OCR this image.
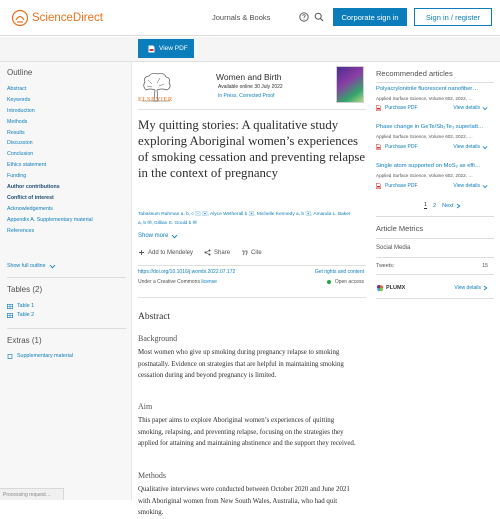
ScienceDirect	Journals & Books	Corporate sign in	Sign in / register
View PDF
Outline
Abstract
Keywords
Introduction
Methods
Results
Discussion
Conclusion
Ethics statement
Funding
Author contributions
Conflict of interest
Acknowledgements
Appendix A. Supplementary material
References
Show full outline
Tables (2)
Table 1
Table 2
Extras (1)
Supplementary material
ELSEVIER
Women and Birth
Available online 30 July 2022
In Press, Corrected Proof
My quitting stories: A qualitative study exploring Aboriginal women’s experiences of smoking cessation and preventing relapse in the context of pregnancy
Tabassum Rahman a, b, c 🖂 ✉, Alyce Wetherall b ✉, Michelle Kennedy a, b ✉, Amanda L. Baker
a, b ✉, Gillian S. Gould b ✉
Show more
Add to Mendeley	Share	Cite
https://doi.org/10.1016/j.wombi.2022.07.172	Get rights and content
Under a Creative Commons license	Open access
Abstract
Background

Most women who give up smoking during pregnancy relapse to smoking postnatally. Evidence on strategies that are helpful in maintaining smoking cessation during and beyond pregnancy is limited.

Aim

This paper aims to explore Aboriginal women’s experiences of quitting smoking, relapsing, and preventing relapse, focusing on the strategies they applied for attaining and maintaining abstinence and the support they received.

Methods

Qualitative interviews were conducted between October 2020 and June 2021 with Aboriginal women from New South Wales, Australia, who had quit smoking.

Recommended articles
Polyacrylonitrile fluorescent nanofiber…
Applied Surface Science, Volume 602, 2022, …
Purchase PDF	View details
Phase change in GeTe/Sb₂Te₃ superlatt…
Applied Surface Science, Volume 602, 2022, …
Purchase PDF	View details
Single atom supported on MoS₂ as effi…
Applied Surface Science, Volume 602, 2022, …
Purchase PDF	View details
1 2 Next
Article Metrics
Social Media
Tweets:	15
PLUMX	View details
Processing request…
